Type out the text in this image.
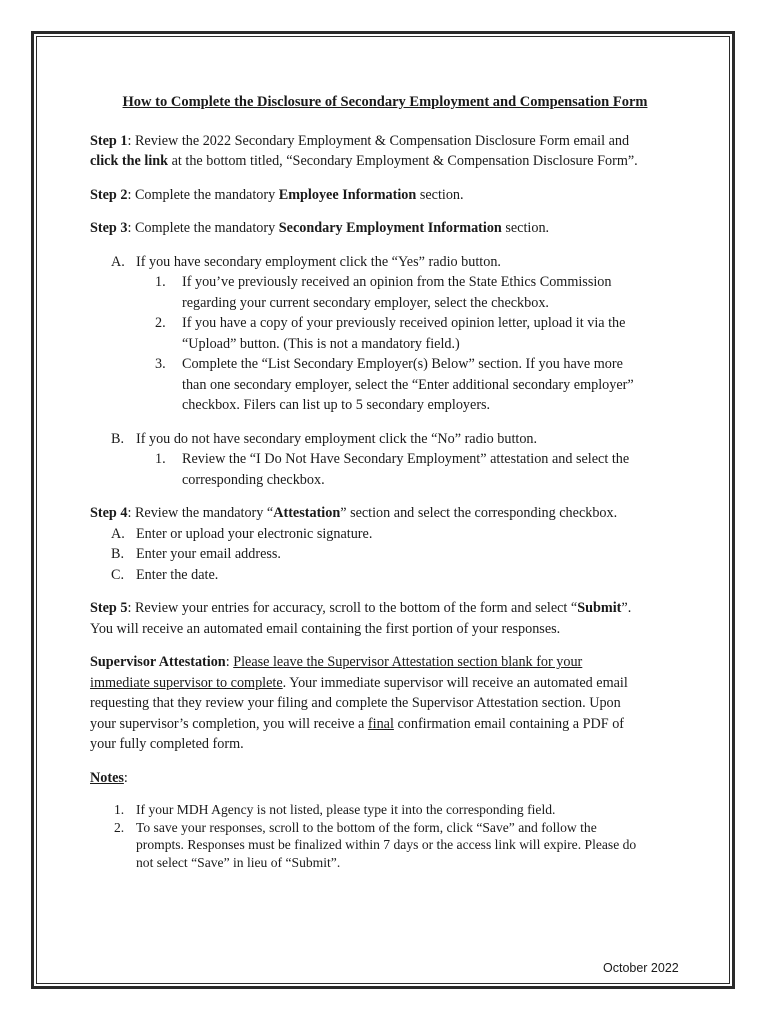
How to Complete the Disclosure of Secondary Employment and Compensation Form

Step 1: Review the 2022 Secondary Employment & Compensation Disclosure Form email and

click the link at the bottom titled, “Secondary Employment & Compensation Disclosure Form”.

Step 2: Complete the mandatory Employee Information section.

Step 3: Complete the mandatory Secondary Employment Information section.

A. If you have secondary employment click the “Yes” radio button.
1.	If you’ve previously received an opinion from the State Ethics Commission
regarding your current secondary employer, select the checkbox.
2.	If you have a copy of your previously received opinion letter, upload it via the
“Upload” button. (This is not a mandatory field.)
3.	Complete the “List Secondary Employer(s) Below” section. If you have more
than one secondary employer, select the “Enter additional secondary employer”
checkbox. Filers can list up to 5 secondary employers.
B. If you do not have secondary employment click the “No” radio button.
1.	Review the “I Do Not Have Secondary Employment” attestation and select the
corresponding checkbox.

Step 4: Review the mandatory “Attestation” section and select the corresponding checkbox.

A. Enter or upload your electronic signature.
B. Enter your email address.
C. Enter the date.

Step 5: Review your entries for accuracy, scroll to the bottom of the form and select “Submit”.

You will receive an automated email containing the first portion of your responses.

Supervisor Attestation: Please leave the Supervisor Attestation section blank for your

immediate supervisor to complete. Your immediate supervisor will receive an automated email

requesting that they review your filing and complete the Supervisor Attestation section. Upon

your supervisor’s completion, you will receive a final confirmation email containing a PDF of

your fully completed form.

Notes:

1. If your MDH Agency is not listed, please type it into the corresponding field.
2. To save your responses, scroll to the bottom of the form, click “Save” and follow the
prompts. Responses must be finalized within 7 days or the access link will expire. Please do
not select “Save” in lieu of “Submit”.
October 2022
